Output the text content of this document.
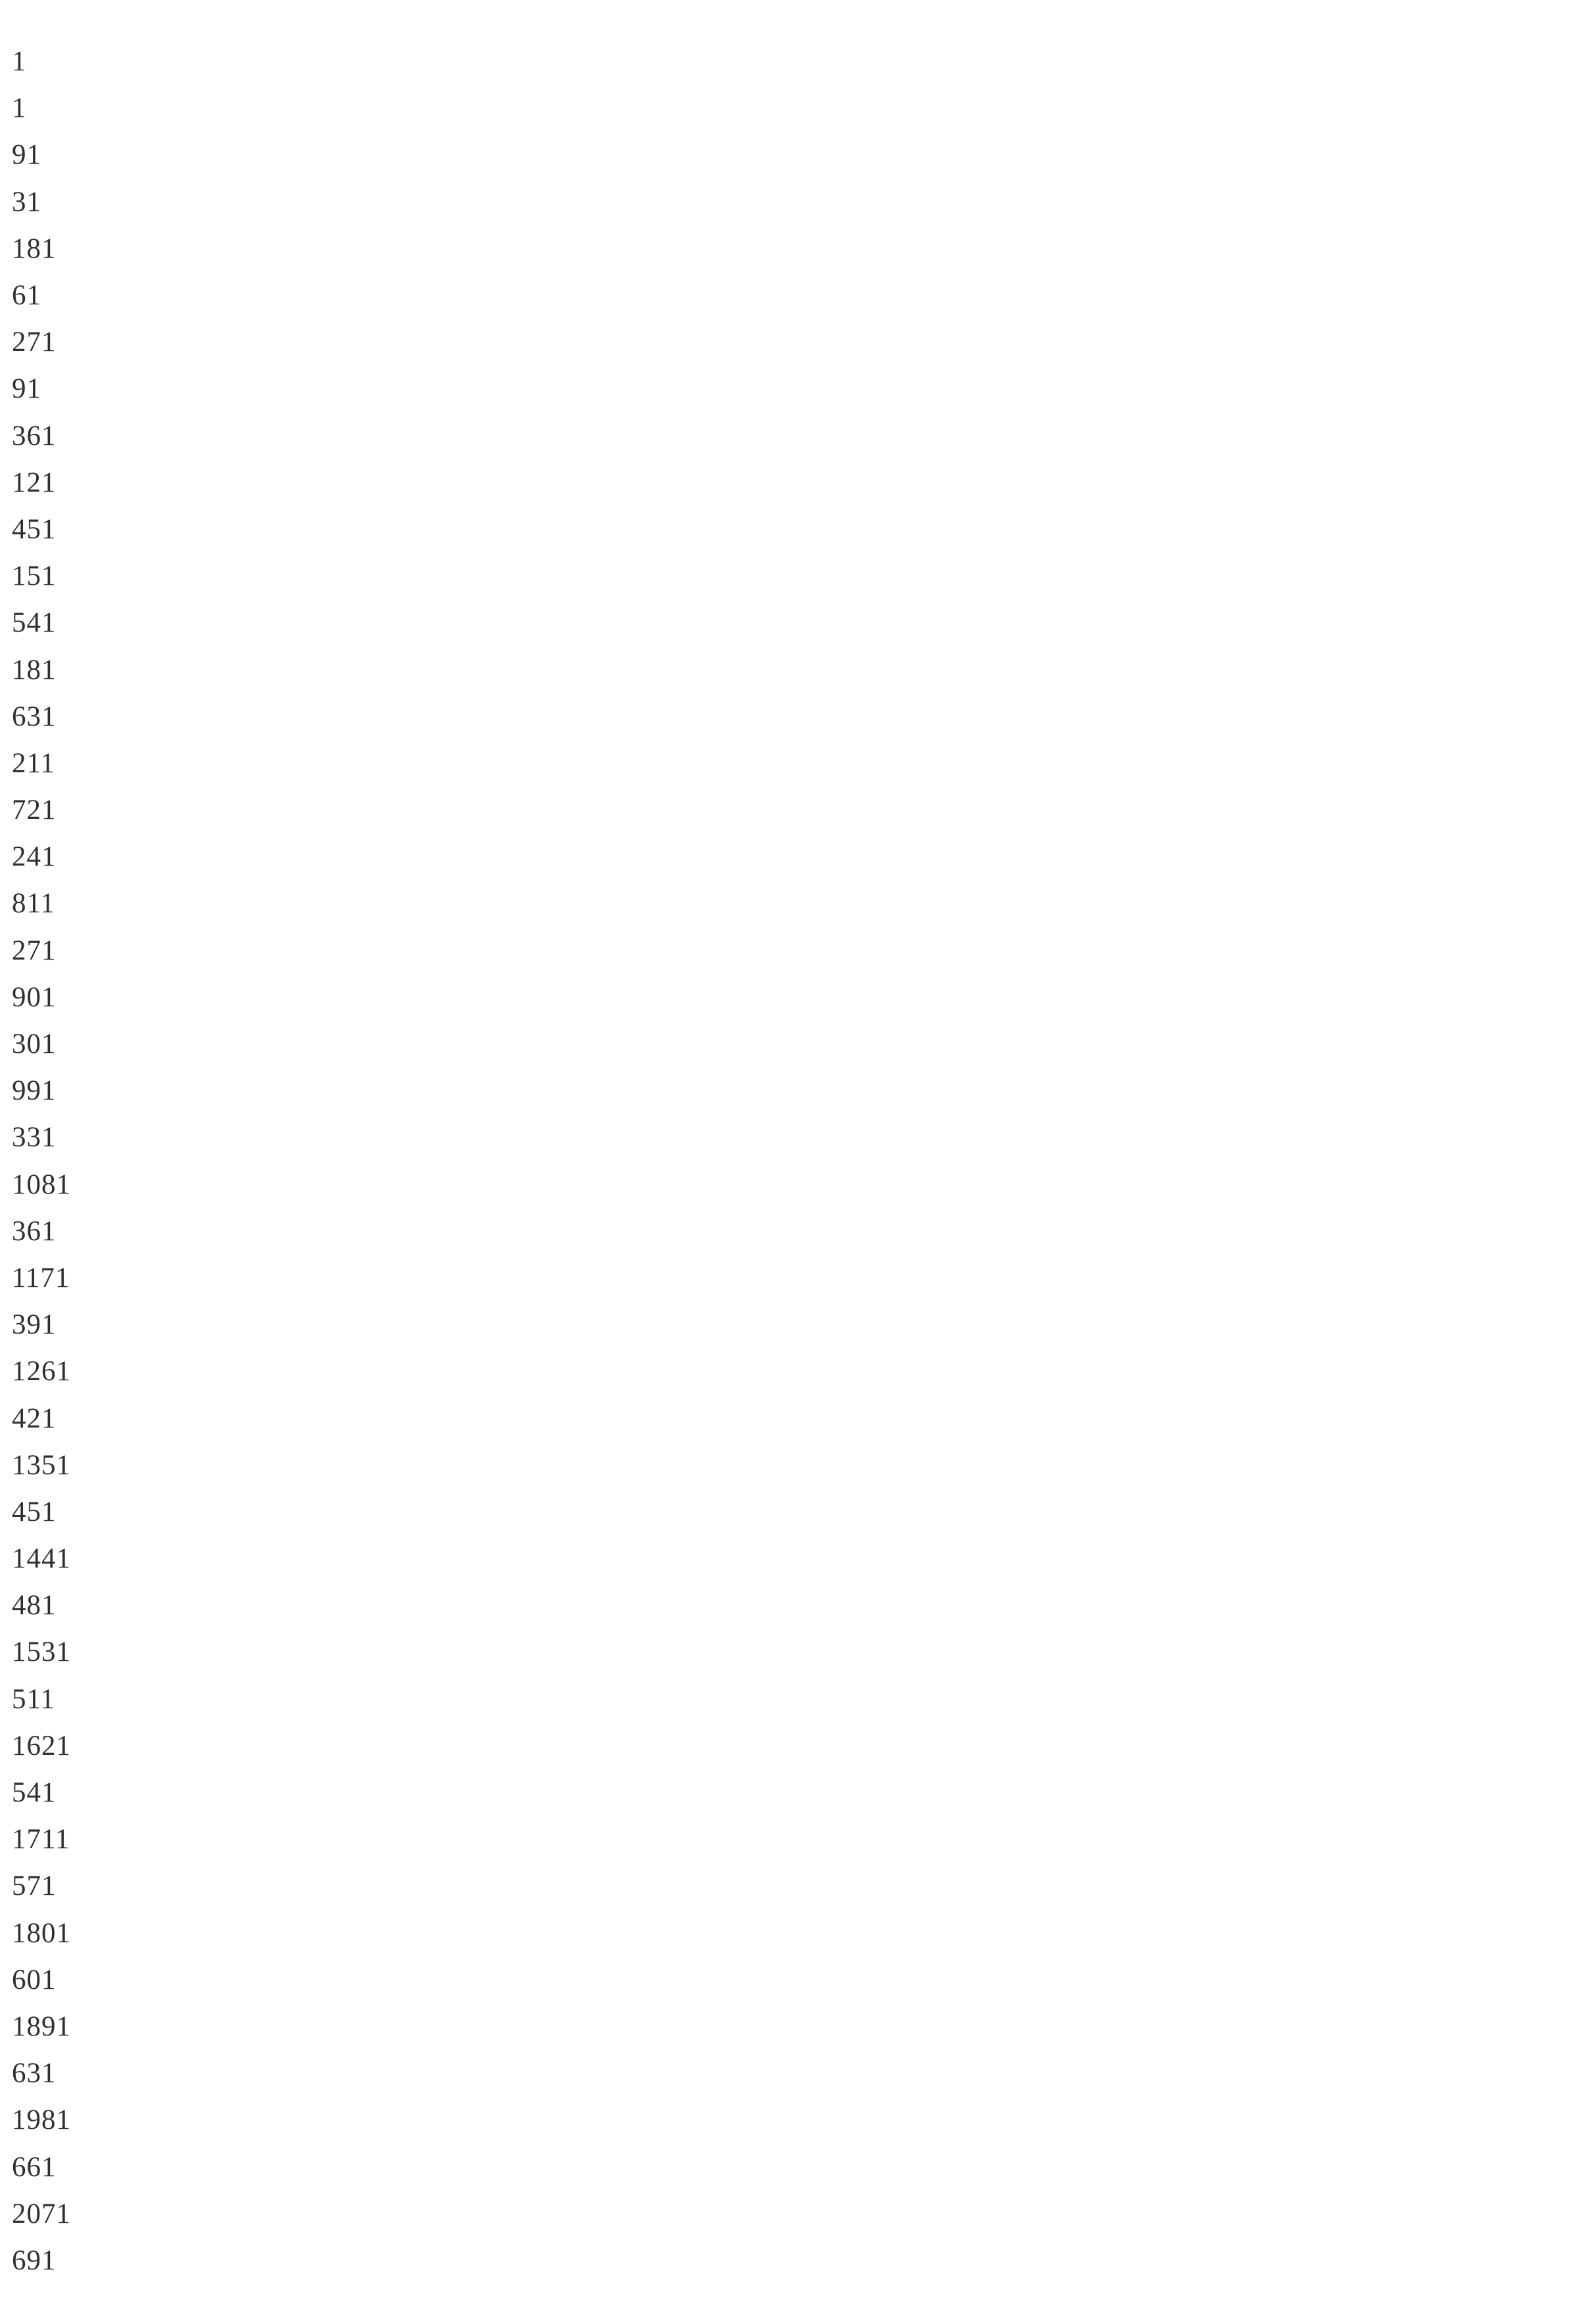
1
1
91
31
181
61
271
91
361
121
451
151
541
181
631
211
721
241
811
271
901
301
991
331
1081
361
1171
391
1261
421
1351
451
1441
481
1531
511
1621
541
1711
571
1801
601
1891
631
1981
661
2071
691
